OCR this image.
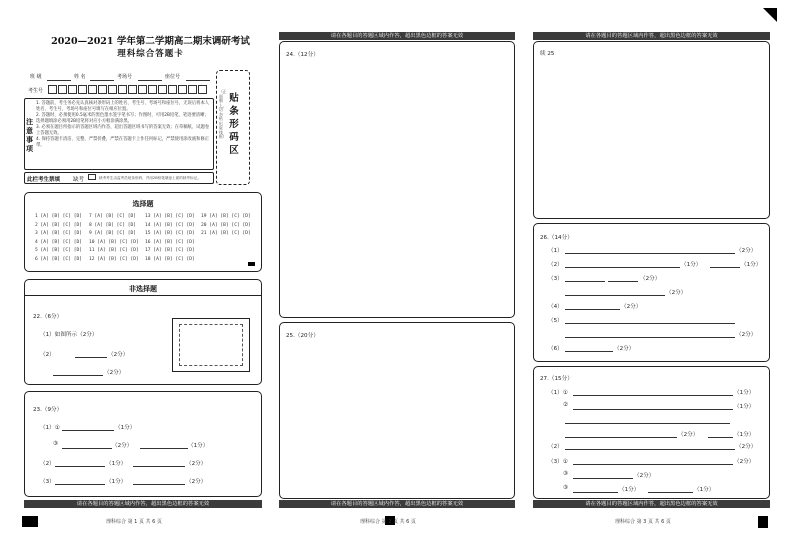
2020—2021 学年第二学期高二期末调研考试
理科综合答题卡
班 级	姓 名	考场号	座位号
考生号
贴条形码区
（正面朝上，切勿贴出虚线框）
注意事项
1. 答题前，考生务必先认真核对条形码上的姓名、考生号、考场号和座位号，无误后将本人姓名、考生号、考场号和座位号填写在相应位置。
2. 答题时，必须使用0.5毫米的黑色墨水签字笔书写；作图时，可用2B铅笔，笔迹要清晰；选择题填涂必须用2B铅笔将对应小方框涂满涂黑。
3. 必须在题目所指示的答题区域内作答，超出答题区域书写的答案无效；在草稿纸、试题卷上答题无效。
4. 保持答题卡清洁、完整，严禁折叠，严禁在答题卡上作任何标记，严禁使用涂改液和修正带。
此栏考生禁填 缺考	缺考考生由监考员贴条形码，并用2B铅笔填涂上面的缺考标记。
选择题
1 [A] [B] [C] [D]
2 [A] [B] [C] [D]
3 [A] [B] [C] [D]
4 [A] [B] [C] [D]
5 [A] [B] [C] [D]
6 [A] [B] [C] [D]
7 [A] [B] [C] [D]
8 [A] [B] [C] [D]
9 [A] [B] [C] [D]
10 [A] [B] [C] [D]
11 [A] [B] [C] [D]
12 [A] [B] [C] [D]
13 [A] [B] [C] [D]
14 [A] [B] [C] [D]
15 [A] [B] [C] [D]
16 [A] [B] [C] [D]
17 [A] [B] [C] [D]
18 [A] [B] [C] [D]
19 [A] [B] [C] [D]
20 [A] [B] [C] [D]
21 [A] [B] [C] [D]
非选择题
22.（6分）
（1）如图所示（2分）
（2）	（2分）
（2分）
23.（9分）
（1）①	（1分）
③	（2分）	（1分）
（2）	（1分）	（2分）
（3）	（1分）	（2分）
请在各题目的答题区域内作答，超出黑色边框的答案无效
理科综合 第 1 页 共 6 页
请在各题目的答题区域内作答，超出黑色边框的答案无效
24.（12分）
25.（20分）
请在各题目的答题区域内作答，超出黑色边框的答案无效
理科综合 第 2 页 共 6 页
请在各题目的答题区域内作答，超出黑色边框的答案无效
续 25
26.（14分）
（1）	（2分）
（2）	（1分）	（1分）
（3）	（2分）
（2分）
（4）	（2分）
（5）
（2分）
（6）	（2分）
27.（15分）
（1）①	（1分）
②	（1分）
（2分）	（1分）
（2）	（2分）
（3）①	（2分）
③	（2分）
③	（1分）	（1分）
请在各题目的答题区域内作答，超出黑色边框的答案无效
理科综合 第 3 页 共 6 页
